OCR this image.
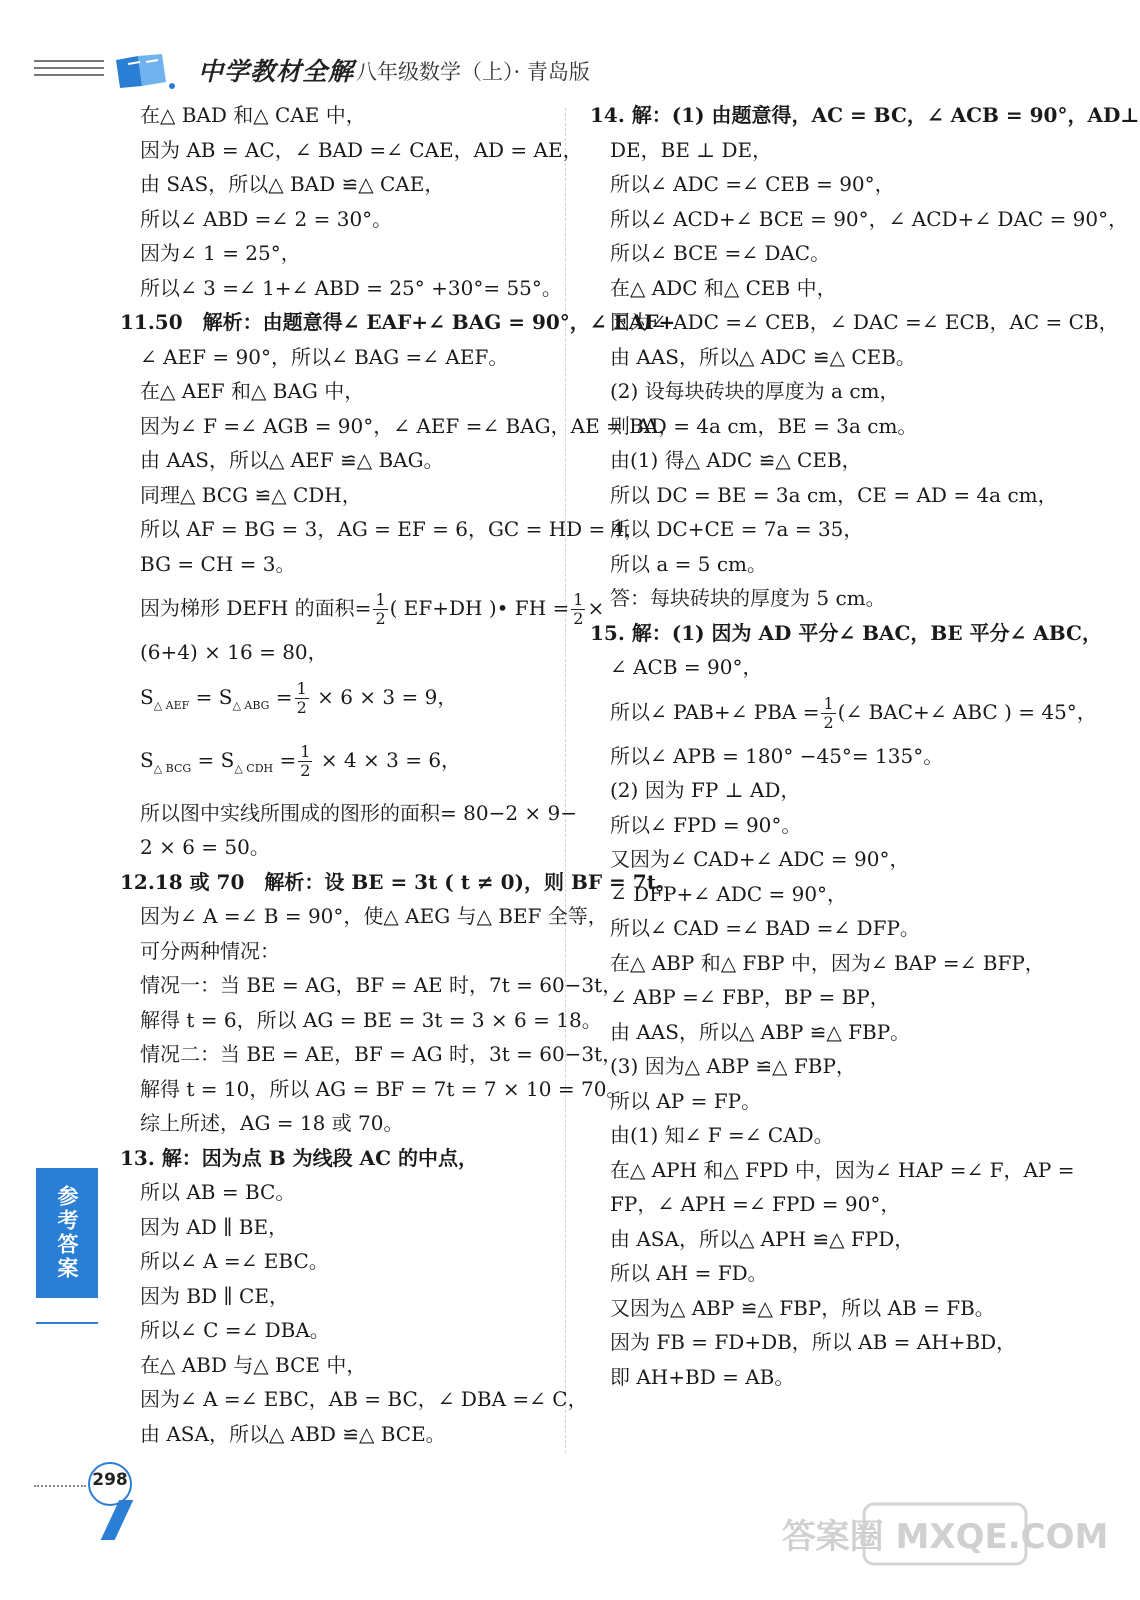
中学教材全解 八年级数学（上）· 青岛版
在△ BAD 和△ CAE 中，
因为 AB = AC，∠ BAD =∠ CAE，AD = AE，
由 SAS，所以△ BAD ≌△ CAE，
所以∠ ABD =∠ 2 = 30°。
因为∠ 1 = 25°，
所以∠ 3 =∠ 1+∠ ABD = 25° +30°= 55°。
11.50　解析：由题意得∠ EAF+∠ BAG = 90°，∠ EAF+
∠ AEF = 90°，所以∠ BAG =∠ AEF。
在△ AEF 和△ BAG 中，
因为∠ F =∠ AGB = 90°，∠ AEF =∠ BAG，AE = BA，
由 AAS，所以△ AEF ≌△ BAG。
同理△ BCG ≌△ CDH，
所以 AF = BG = 3，AG = EF = 6，GC = HD = 4，
BG = CH = 3。
因为梯形 DEFH 的面积= $\frac{1}{2}$ ( EF+DH )• FH = $\frac{1}{2}$ ×
(6+4) × 16 = 80，
$S_{\triangle AEF} = S_{\triangle ABG} = \frac{1}{2} \times 6 \times 3 = 9$，
$S_{\triangle BCG} = S_{\triangle CDH} = \frac{1}{2} \times 4 \times 3 = 6$，
所以图中实线所围成的图形的面积= 80−2 × 9−
2 × 6 = 50。
12.18 或 70　解析：设 BE = 3t ( t ≠ 0)，则 BF = 7t。
因为∠ A =∠ B = 90°，使△ AEG 与△ BEF 全等，
可分两种情况：
情况一：当 BE = AG，BF = AE 时，7t = 60−3t，
解得 t = 6，所以 AG = BE = 3t = 3 × 6 = 18。
情况二：当 BE = AE，BF = AG 时，3t = 60−3t，
解得 t = 10，所以 AG = BF = 7t = 7 × 10 = 70。
综上所述，AG = 18 或 70。
13. 解：因为点 B 为线段 AC 的中点，
所以 AB = BC。
因为 AD ∥ BE，
所以∠ A =∠ EBC。
因为 BD ∥ CE，
所以∠ C =∠ DBA。
在△ ABD 与△ BCE 中，
因为∠ A =∠ EBC，AB = BC，∠ DBA =∠ C，
由 ASA，所以△ ABD ≌△ BCE。
14. 解：(1) 由题意得，AC = BC，∠ ACB = 90°，AD⊥
DE，BE ⊥ DE，
所以∠ ADC =∠ CEB = 90°，
所以∠ ACD+∠ BCE = 90°，∠ ACD+∠ DAC = 90°，
所以∠ BCE =∠ DAC。
在△ ADC 和△ CEB 中，
因为∠ ADC =∠ CEB，∠ DAC =∠ ECB，AC = CB，
由 AAS，所以△ ADC ≌△ CEB。
(2) 设每块砖块的厚度为 a cm，
则 AD = 4a cm，BE = 3a cm。
由(1) 得△ ADC ≌△ CEB，
所以 DC = BE = 3a cm，CE = AD = 4a cm，
所以 DC+CE = 7a = 35，
所以 a = 5 cm。
答：每块砖块的厚度为 5 cm。
15. 解：(1) 因为 AD 平分∠ BAC，BE 平分∠ ABC，
∠ ACB = 90°，
所以∠ PAB+∠ PBA = $\frac{1}{2}$ (∠ BAC+∠ ABC ) = 45°，
所以∠ APB = 180° −45°= 135°。
(2) 因为 FP ⊥ AD，
所以∠ FPD = 90°。
又因为∠ CAD+∠ ADC = 90°，
∠ DFP+∠ ADC = 90°，
所以∠ CAD =∠ BAD =∠ DFP。
在△ ABP 和△ FBP 中，因为∠ BAP =∠ BFP，
∠ ABP =∠ FBP，BP = BP，
由 AAS，所以△ ABP ≌△ FBP。
(3) 因为△ ABP ≌△ FBP，
所以 AP = FP。
由(1) 知∠ F =∠ CAD。
在△ APH 和△ FPD 中，因为∠ HAP =∠ F，AP =
FP，∠ APH =∠ FPD = 90°，
由 ASA，所以△ APH ≌△ FPD，
所以 AH = FD。
又因为△ ABP ≌△ FBP，所以 AB = FB。
因为 FB = FD+DB，所以 AB = AH+BD，
即 AH+BD = AB。
参考答案
298
答案圈 MXQE.COM
